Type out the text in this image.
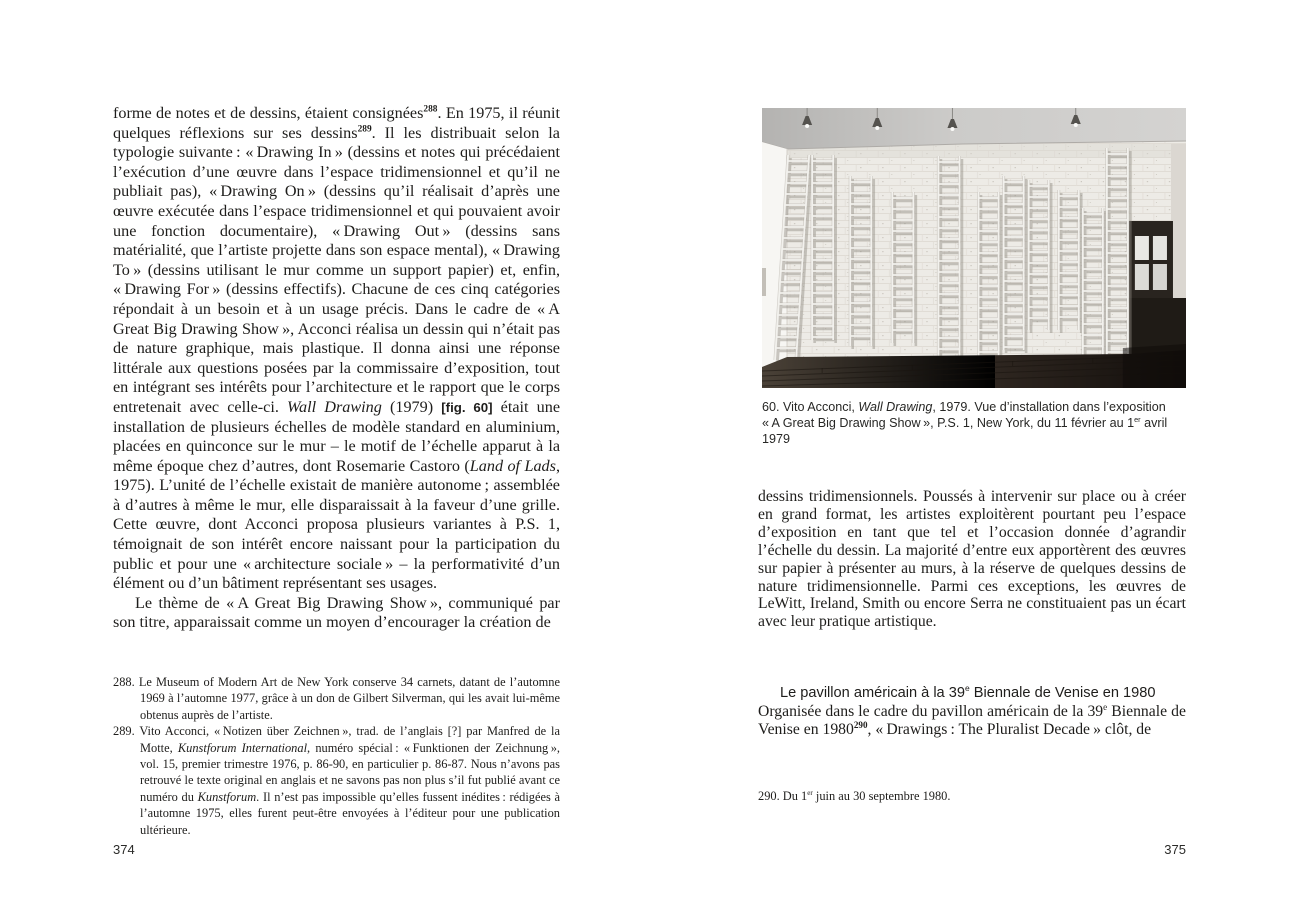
forme de notes et de dessins, étaient consignées$^{288}$. En 1975, il réunit quelques réflexions sur ses dessins$^{289}$. Il les distribuait selon la typologie suivante : « Drawing In » (dessins et notes qui précédaient l’exécution d’une œuvre dans l’espace tridimensionnel et qu’il ne publiait pas), « Drawing On » (dessins qu’il réalisait d’après une œuvre exécutée dans l’espace tridimensionnel et qui pouvaient avoir une fonction documentaire), « Drawing Out » (dessins sans matérialité, que l’artiste projette dans son espace mental), « Drawing To » (dessins utilisant le mur comme un support papier) et, enfin, « Drawing For » (dessins effectifs). Chacune de ces cinq catégories répondait à un besoin et à un usage précis. Dans le cadre de « A Great Big Drawing Show », Acconci réalisa un dessin qui n’était pas de nature graphique, mais plastique. Il donna ainsi une réponse littérale aux questions posées par la commissaire d’exposition, tout en intégrant ses intérêts pour l’architecture et le rapport que le corps entretenait avec celle-ci. Wall Drawing (1979) [fig. 60] était une installation de plusieurs échelles de modèle standard en aluminium, placées en quinconce sur le mur – le motif de l’échelle apparut à la même époque chez d’autres, dont Rosemarie Castoro (Land of Lads, 1975). L’unité de l’échelle existait de manière autonome ; assemblée à d’autres à même le mur, elle disparaissait à la faveur d’une grille. Cette œuvre, dont Acconci proposa plusieurs variantes à P.S. 1, témoignait de son intérêt encore naissant pour la participation du public et pour une « architecture sociale » – la performativité d’un élément ou d’un bâtiment représentant ses usages.

Le thème de « A Great Big Drawing Show », communiqué par son titre, apparaissait comme un moyen d’encourager la création de

288. Le Museum of Modern Art de New York conserve 34 carnets, datant de l’automne 1969 à l’automne 1977, grâce à un don de Gilbert Silverman, qui les avait lui-même obtenus auprès de l’artiste.

289. Vito Acconci, « Notizen über Zeichnen », trad. de l’anglais [?] par Manfred de la Motte, Kunstforum International, numéro spécial : « Funktionen der Zeichnung », vol. 15, premier trimestre 1976, p. 86-90, en particulier p. 86-87. Nous n’avons pas retrouvé le texte original en anglais et ne savons pas non plus s’il fut publié avant ce numéro du Kunstforum. Il n’est pas impossible qu’elles fussent inédites : rédigées à l’automne 1975, elles furent peut-être envoyées à l’éditeur pour une publication ultérieure.

374
60. Vito Acconci, Wall Drawing, 1979. Vue d’installation dans l’exposition « A Great Big Drawing Show », P.S. 1, New York, du 11 février au 1er avril 1979

dessins tridimensionnels. Poussés à intervenir sur place ou à créer en grand format, les artistes exploitèrent pourtant peu l’espace d’exposition en tant que tel et l’occasion donnée d’agrandir l’échelle du dessin. La majorité d’entre eux apportèrent des œuvres sur papier à présenter au murs, à la réserve de quelques dessins de nature tridimensionnelle. Parmi ces exceptions, les œuvres de LeWitt, Ireland, Smith ou encore Serra ne constituaient pas un écart avec leur pratique artistique.

Le pavillon américain à la 39e Biennale de Venise en 1980

Organisée dans le cadre du pavillon américain de la 39e Biennale de Venise en 1980$^{290}$, « Drawings : The Pluralist Decade » clôt, de

290. Du 1er juin au 30 septembre 1980.

375
